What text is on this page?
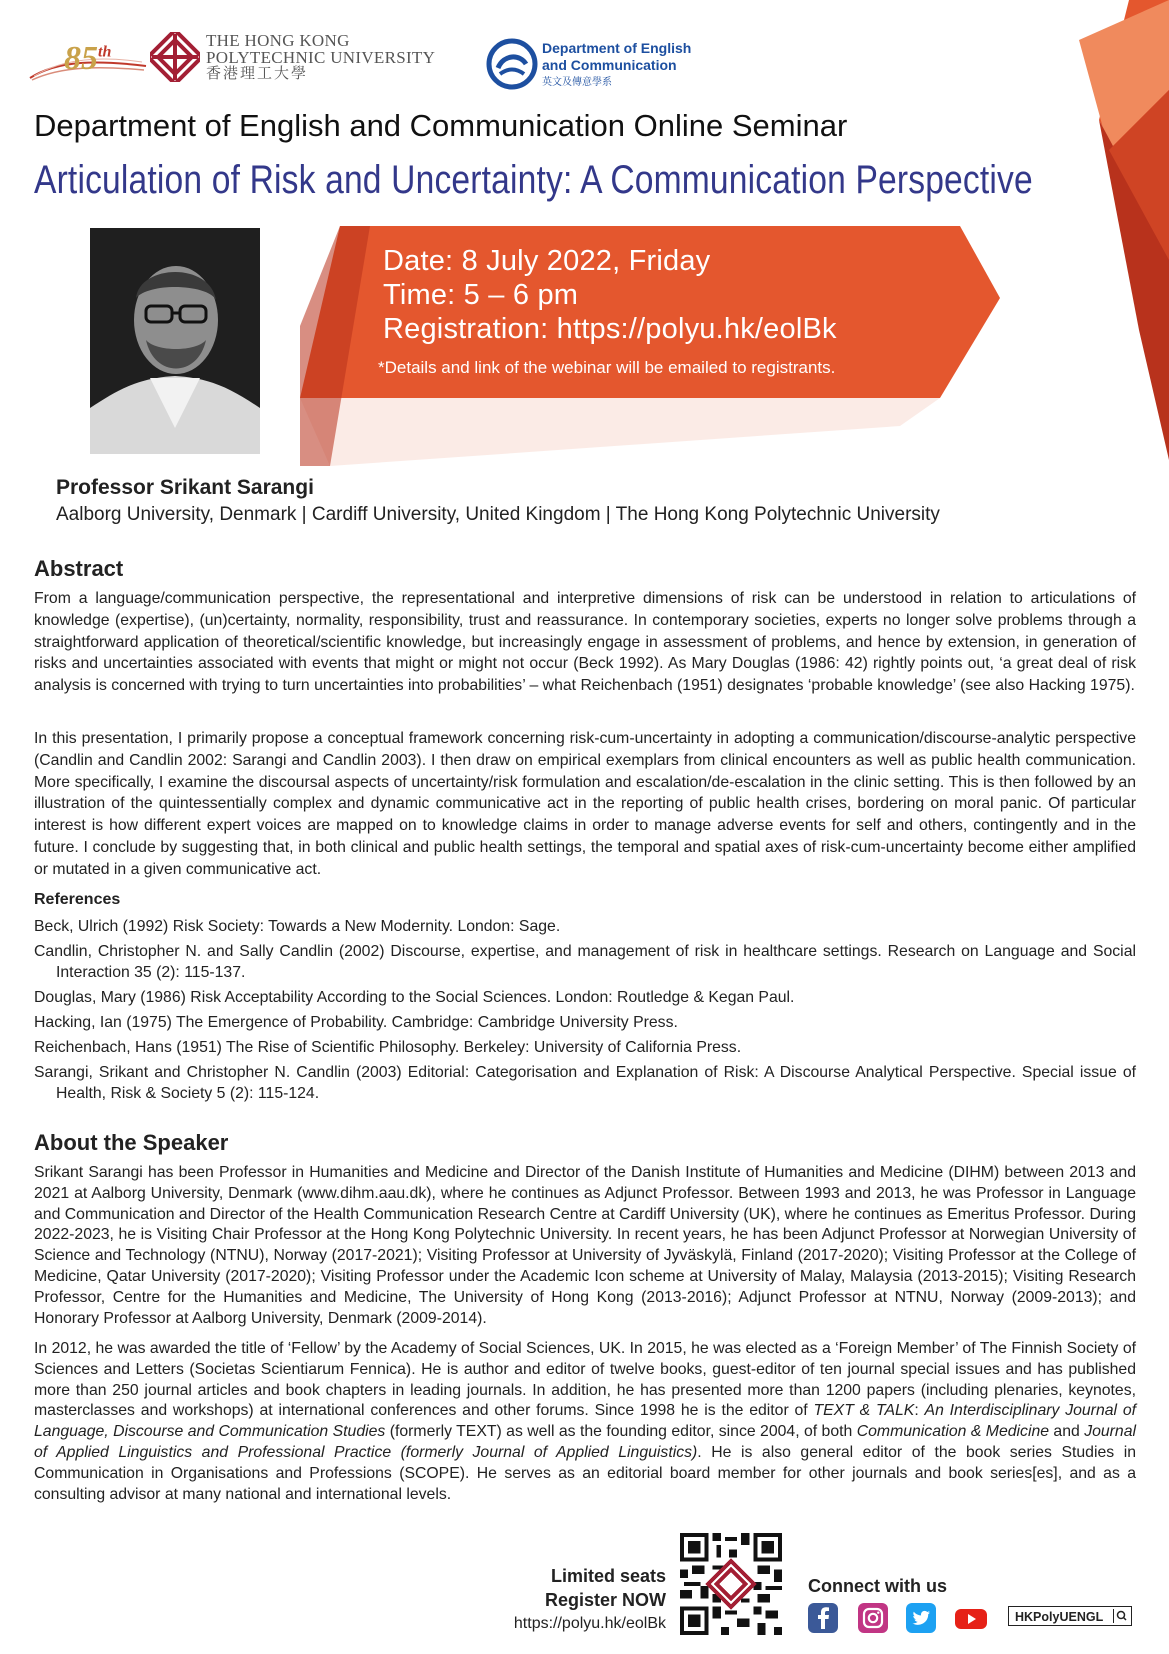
85th
THE HONG KONG
POLYTECHNIC UNIVERSITY
香港理工大學
Department of English
and Communication
英文及傳意學系
Department of English and Communication Online Seminar
Articulation of Risk and Uncertainty: A Communication Perspective
Date: 8 July 2022, Friday
Time: 5 – 6 pm
Registration: https://polyu.hk/eolBk
*Details and link of the webinar will be emailed to registrants.
Professor Srikant Sarangi
Aalborg University, Denmark | Cardiff University, United Kingdom | The Hong Kong Polytechnic University
Abstract
From a language/communication perspective, the representational and interpretive dimensions of risk can be understood in relation to articulations of knowledge (expertise), (un)certainty, normality, responsibility, trust and reassurance. In contemporary societies, experts no longer solve problems through a straightforward application of theoretical/scientific knowledge, but increasingly engage in assessment of problems, and hence by extension, in generation of risks and uncertainties associated with events that might or might not occur (Beck 1992). As Mary Douglas (1986: 42) rightly points out, ‘a great deal of risk analysis is concerned with trying to turn uncertainties into probabilities’ – what Reichenbach (1951) designates ‘probable knowledge’ (see also Hacking 1975).
In this presentation, I primarily propose a conceptual framework concerning risk-cum-uncertainty in adopting a communication/discourse-analytic perspective (Candlin and Candlin 2002: Sarangi and Candlin 2003). I then draw on empirical exemplars from clinical encounters as well as public health communication. More specifically, I examine the discoursal aspects of uncertainty/risk formulation and escalation/de-escalation in the clinic setting. This is then followed by an illustration of the quintessentially complex and dynamic communicative act in the reporting of public health crises, bordering on moral panic. Of particular interest is how different expert voices are mapped on to knowledge claims in order to manage adverse events for self and others, contingently and in the future. I conclude by suggesting that, in both clinical and public health settings, the temporal and spatial axes of risk-cum-uncertainty become either amplified or mutated in a given communicative act.
References
Beck, Ulrich (1992) Risk Society: Towards a New Modernity. London: Sage.
Candlin, Christopher N. and Sally Candlin (2002) Discourse, expertise, and management of risk in healthcare settings. Research on Language and Social Interaction 35 (2): 115-137.
Douglas, Mary (1986) Risk Acceptability According to the Social Sciences. London: Routledge & Kegan Paul.
Hacking, Ian (1975) The Emergence of Probability. Cambridge: Cambridge University Press.
Reichenbach, Hans (1951) The Rise of Scientific Philosophy. Berkeley: University of California Press.
Sarangi, Srikant and Christopher N. Candlin (2003) Editorial: Categorisation and Explanation of Risk: A Discourse Analytical Perspective. Special issue of Health, Risk & Society 5 (2): 115-124.
About the Speaker
Srikant Sarangi has been Professor in Humanities and Medicine and Director of the Danish Institute of Humanities and Medicine (DIHM) between 2013 and 2021 at Aalborg University, Denmark (www.dihm.aau.dk), where he continues as Adjunct Professor. Between 1993 and 2013, he was Professor in Language and Communication and Director of the Health Communication Research Centre at Cardiff University (UK), where he continues as Emeritus Professor. During 2022-2023, he is Visiting Chair Professor at the Hong Kong Polytechnic University. In recent years, he has been Adjunct Professor at Norwegian University of Science and Technology (NTNU), Norway (2017-2021); Visiting Professor at University of Jyväskylä, Finland (2017-2020); Visiting Professor at the College of Medicine, Qatar University (2017-2020); Visiting Professor under the Academic Icon scheme at University of Malay, Malaysia (2013-2015); Visiting Research Professor, Centre for the Humanities and Medicine, The University of Hong Kong (2013-2016); Adjunct Professor at NTNU, Norway (2009-2013); and Honorary Professor at Aalborg University, Denmark (2009-2014).
In 2012, he was awarded the title of ‘Fellow’ by the Academy of Social Sciences, UK. In 2015, he was elected as a ‘Foreign Member’ of The Finnish Society of Sciences and Letters (Societas Scientiarum Fennica). He is author and editor of twelve books, guest-editor of ten journal special issues and has published more than 250 journal articles and book chapters in leading journals. In addition, he has presented more than 1200 papers (including plenaries, keynotes, masterclasses and workshops) at international conferences and other forums. Since 1998 he is the editor of TEXT & TALK: An Interdisciplinary Journal of Language, Discourse and Communication Studies (formerly TEXT) as well as the founding editor, since 2004, of both Communication & Medicine and Journal of Applied Linguistics and Professional Practice (formerly Journal of Applied Linguistics). He is also general editor of the book series Studies in Communication in Organisations and Professions (SCOPE). He serves as an editorial board member for other journals and book series[es], and as a consulting advisor at many national and international levels.
Limited seats
Register NOW
https://polyu.hk/eolBk
Connect with us
HKPolyUENGL
